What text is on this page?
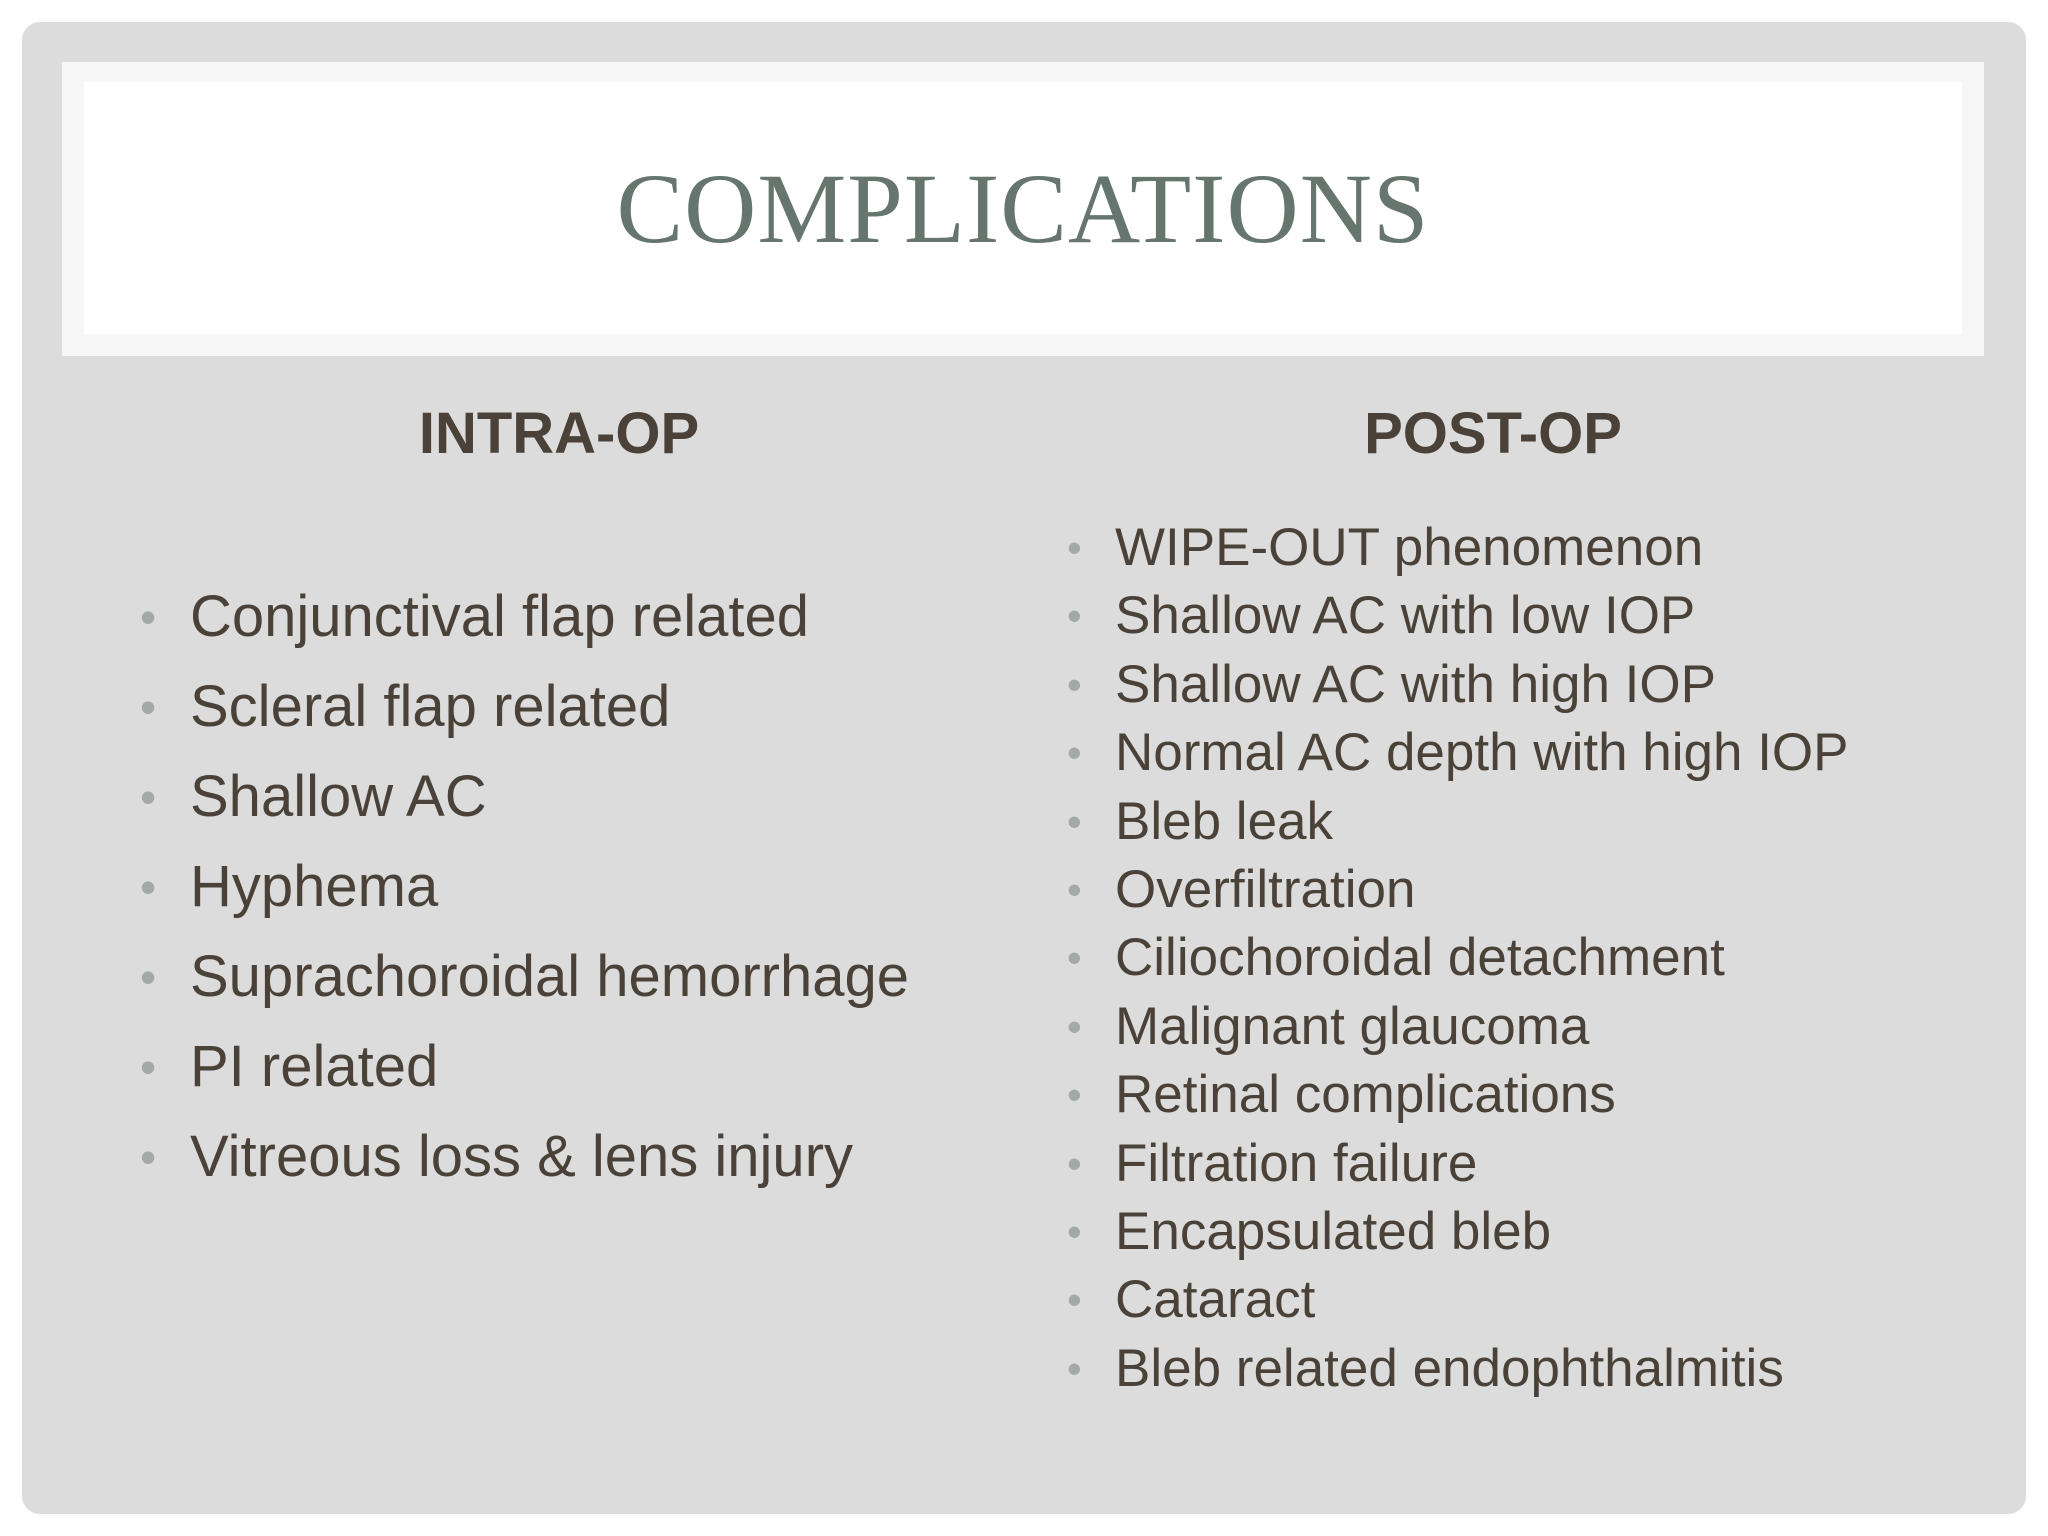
COMPLICATIONS
INTRA-OP
• Conjunctival flap related
• Scleral flap related
• Shallow AC
• Hyphema
• Suprachoroidal hemorrhage
• PI related
• Vitreous loss & lens injury
POST-OP
• WIPE-OUT phenomenon
• Shallow AC with low IOP
• Shallow AC with high IOP
• Normal AC depth with high IOP
• Bleb leak
• Overfiltration
• Ciliochoroidal detachment
• Malignant glaucoma
• Retinal complications
• Filtration failure
• Encapsulated bleb
• Cataract
• Bleb related endophthalmitis
